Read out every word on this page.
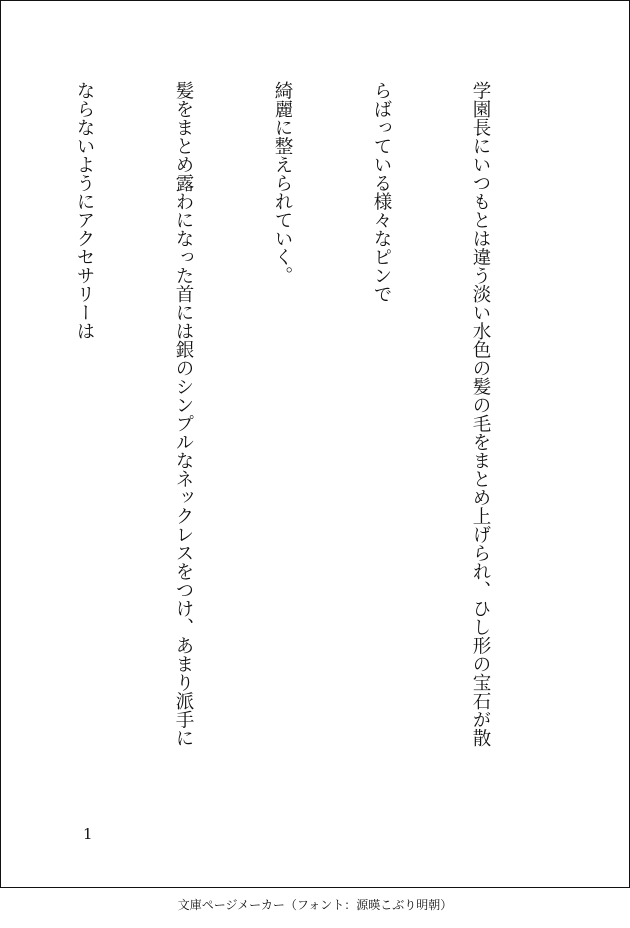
学園長にいつもとは違う淡い水色の髪の毛をまとめ上げられ、ひし形の宝石が散

らばっている様々なピンで

綺麗に整えられていく。

髪をまとめ露わになった首には銀のシンプルなネックレスをつけ、あまり派手に

ならないようにアクセサリーは

1
文庫ページメーカー（フォント：源暎こぶり明朝）
